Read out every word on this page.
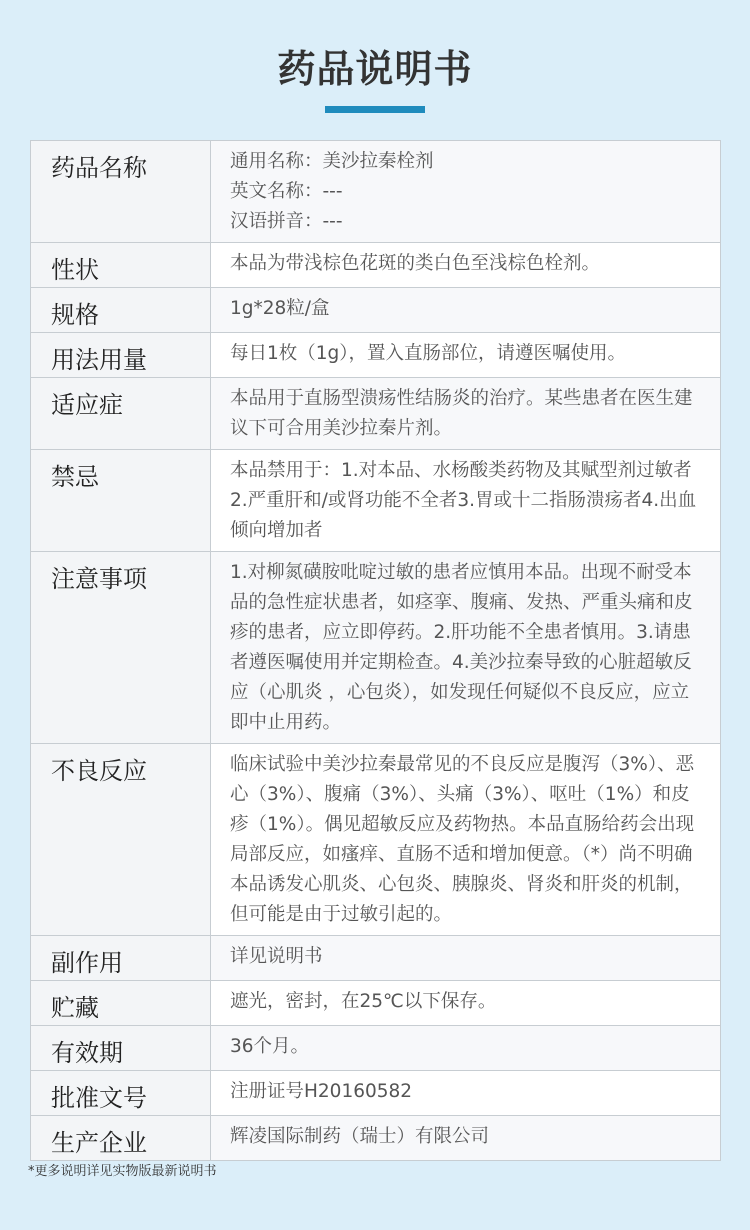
药品说明书
药品名称	通用名称：美沙拉秦栓剂
英文名称：---
汉语拼音：---

性状	本品为带浅棕色花斑的类白色至浅棕色栓剂。
规格	1g*28粒/盒
用法用量	每日1枚（1g），置入直肠部位，请遵医嘱使用。
适应症	本品用于直肠型溃疡性结肠炎的治疗。某些患者在医生建议下可合用美沙拉秦片剂。
禁忌	本品禁用于：1.对本品、水杨酸类药物及其赋型剂过敏者2.严重肝和/或肾功能不全者3.胃或十二指肠溃疡者4.出血倾向增加者
注意事项	1.对柳氮磺胺吡啶过敏的患者应慎用本品。出现不耐受本品的急性症状患者，如痉挛、腹痛、发热、严重头痛和皮疹的患者，应立即停药。2.肝功能不全患者慎用。3.请患者遵医嘱使用并定期检查。4.美沙拉秦导致的心脏超敏反应（心肌炎 ，心包炎），如发现任何疑似不良反应，应立即中止用药。
不良反应	临床试验中美沙拉秦最常见的不良反应是腹泻（3%）、恶心（3%）、腹痛（3%）、头痛（3%）、呕吐（1%）和皮疹（1%）。偶见超敏反应及药物热。本品直肠给药会出现局部反应，如瘙痒、直肠不适和增加便意。（*）尚不明确本品诱发心肌炎、心包炎、胰腺炎、肾炎和肝炎的机制，但可能是由于过敏引起的。
副作用	详见说明书
贮藏	遮光，密封，在25℃以下保存。
有效期	36个月。
批准文号	注册证号H20160582
生产企业	辉凌国际制药（瑞士）有限公司
*更多说明详见实物版最新说明书
